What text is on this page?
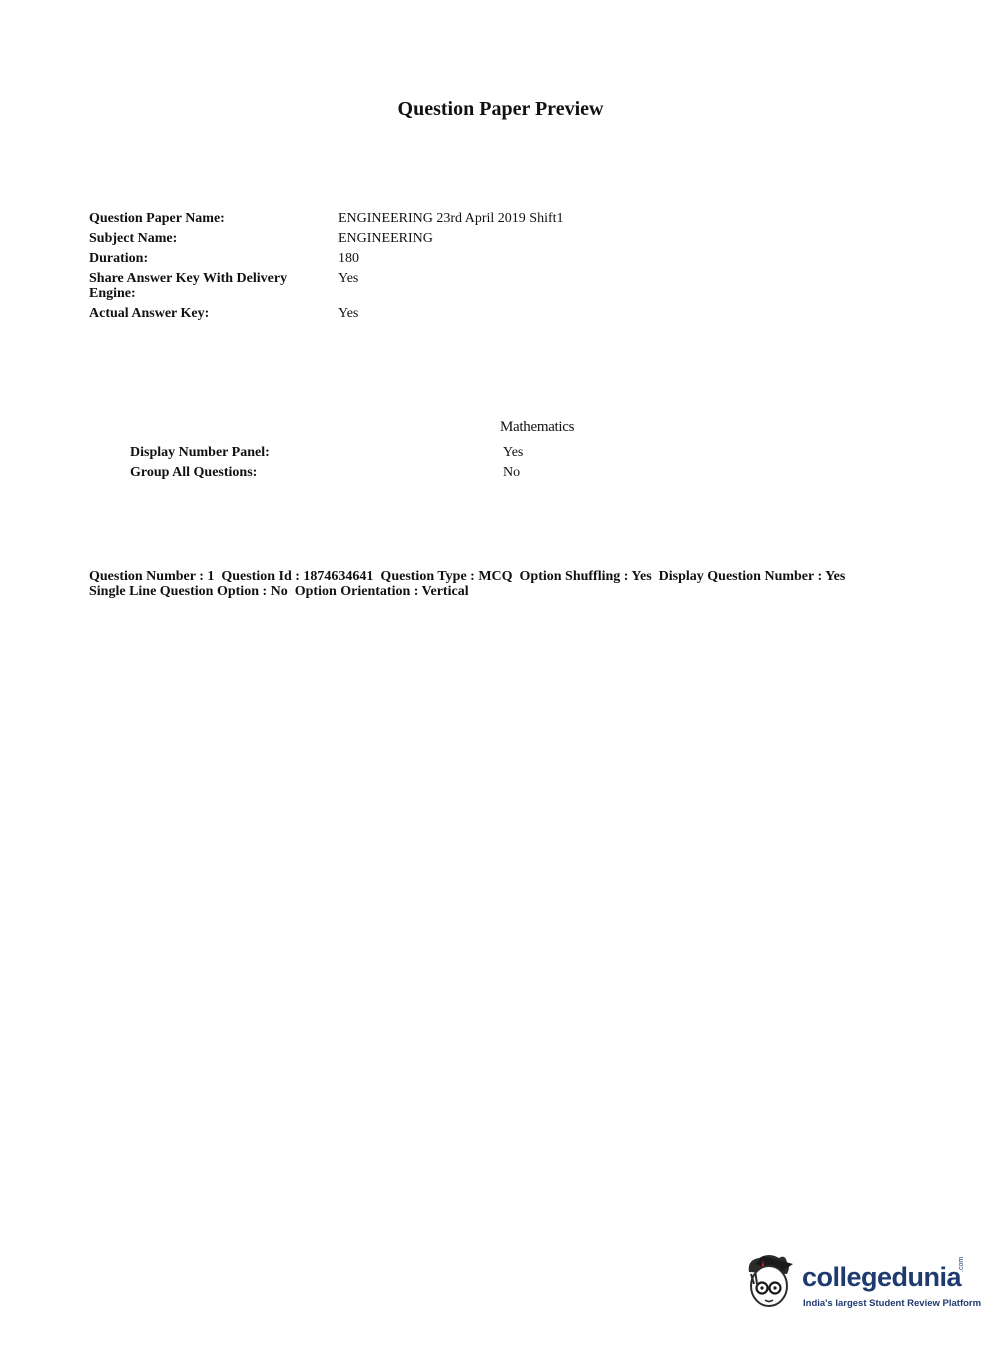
Question Paper Preview
Question Paper Name:	ENGINEERING 23rd April 2019 Shift1
Subject Name:	ENGINEERING
Duration:	180
Share Answer Key With Delivery Engine:
Yes
Actual Answer Key:	Yes
Mathematics
Display Number Panel:	Yes
Group All Questions:	No
Question Number : 1  Question Id : 1874634641  Question Type : MCQ  Option Shuffling : Yes  Display Question Number : Yes
Single Line Question Option : No  Option Orientation : Vertical
collegedunia
.com
India's largest Student Review Platform
